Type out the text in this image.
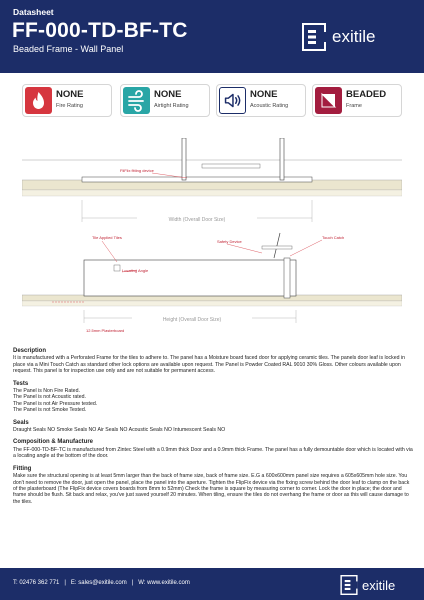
Datasheet
FF-000-TD-BF-TC
Beaded Frame - Wall Panel
exitile
NONE
Fire Rating
NONE
Airtight Rating
NONE
Acoustic Rating
BEADED
Frame
FliFlix fitting device
Width (Overall Door Size)
Tile Applied Tiles
Safety Device
Touch Catch
Locating Angle
Height (Overall Door Size)
12.5mm Plasterboard
Description

It is manufactured with a Perforated Frame for the tiles to adhere to. The panel has a Moisture board faced door for applying ceramic tiles. The panels door leaf is locked in place via a Mini Touch Catch as standard other lock options are available upon request. The Panel is Powder Coated RAL 9010 30% Gloss. Other colours available upon request. This panel is for inspection use only and are not suitable for permanent access.

Tests

The Panel is Non Fire Rated.
The Panel is not Acoustic rated.
The Panel is not Air Pressure tested.
The Panel is not Smoke Tested.

Seals

Draught Seals NO Smoke Seals NO Air Seals NO Acoustic Seals NO Intumescent Seals NO

Composition & Manufacture

The FF-000-TD-BF-TC is manufactured from Zintec Steel with a 0.9mm thick Door and a 0.9mm thick Frame. The panel has a fully demountable door which is located with via a locating angle at the bottom of the door.

Fitting

Make sure the structural opening is at least 5mm larger than the back of frame size, back of frame size. E.G a 600x600mm panel size requires a 605x605mm hole size. You don't need to remove the door, just open the panel, place the panel into the aperture. Tighten the FlipFix device via the fixing screw behind the door leaf to clamp on the back of the plasterboard (The FlipFix device covers boards from 8mm to 52mm) Check the frame is square by measuring corner to corner. Lock the door in place; the door and frame should be flush. Sit back and relax, you've just saved yourself 20 minutes. When tiling, ensure the tiles do not overhang the frame or door as this will cause damage to the tiles.

T: 02476 362 771   |   E: sales@exitile.com   |   W: www.exitile.com	exitile
